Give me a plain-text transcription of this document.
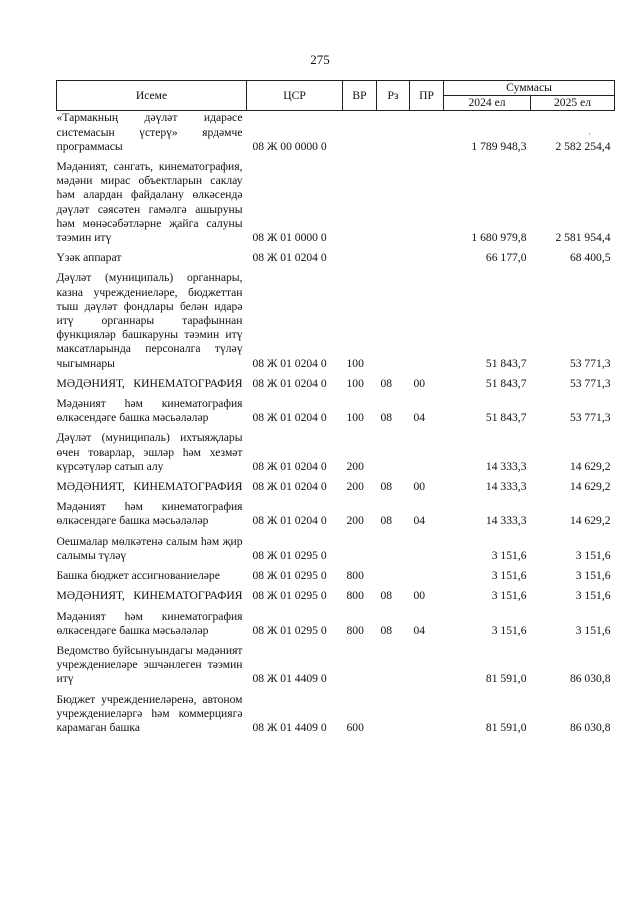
275
·
Исеме	ЦСР	ВР	Рз	ПР	Суммасы	
					2024 ел	2025 ел
«Тармакның дәүләт идарәсе системасын үстерү» ярдәмче программасы	08 Ж 00 0000 0				1 789 948,3	2 582 254,4
Мәдәният, сәнгать, кинематография, мәдәни мирас объектларын саклау һәм алардан файдалану өлкәсендә дәүләт сәясәтен гамәлгә ашыруны һәм мөнәсәбәтләрне җайга салуны тәэмин итү	08 Ж 01 0000 0				1 680 979,8	2 581 954,4
Үзәк аппарат	08 Ж 01 0204 0				66 177,0	68 400,5
Дәүләт (муниципаль) органнары, казна учреждениеләре, бюджеттан тыш дәүләт фондлары белән идарә итү органнары тарафыннан функцияләр башкаруны тәэмин итү максатларында персоналга түләү чыгымнары	08 Ж 01 0204 0	100			51 843,7	53 771,3
МӘДӘНИЯТ, КИНЕМАТОГРАФИЯ	08 Ж 01 0204 0	100	08	00	51 843,7	53 771,3
Мәдәният һәм кинематография өлкәсендәге башка мәсьәләләр	08 Ж 01 0204 0	100	08	04	51 843,7	53 771,3
Дәүләт (муниципаль) ихтыяҗлары өчен товарлар, эшләр һәм хезмәт күрсәтүләр сатып алу	08 Ж 01 0204 0	200			14 333,3	14 629,2
МӘДӘНИЯТ, КИНЕМАТОГРАФИЯ	08 Ж 01 0204 0	200	08	00	14 333,3	14 629,2
Мәдәният һәм кинематография өлкәсендәге башка мәсьәләләр	08 Ж 01 0204 0	200	08	04	14 333,3	14 629,2
Оешмалар мөлкәтенә салым һәм җир салымы түләү	08 Ж 01 0295 0				3 151,6	3 151,6
Башка бюджет ассигнованиеләре	08 Ж 01 0295 0	800			3 151,6	3 151,6
МӘДӘНИЯТ, КИНЕМАТОГРАФИЯ	08 Ж 01 0295 0	800	08	00	3 151,6	3 151,6
Мәдәният һәм кинематография өлкәсендәге башка мәсьәләләр	08 Ж 01 0295 0	800	08	04	3 151,6	3 151,6
Ведомство буйсынуындагы мәдәният учреждениеләре эшчәнлеген тәэмин итү	08 Ж 01 4409 0				81 591,0	86 030,8
Бюджет учреждениеләренә, автоном учреждениеләргә һәм коммерциягә карамаган башка	08 Ж 01 4409 0	600			81 591,0	86 030,8
